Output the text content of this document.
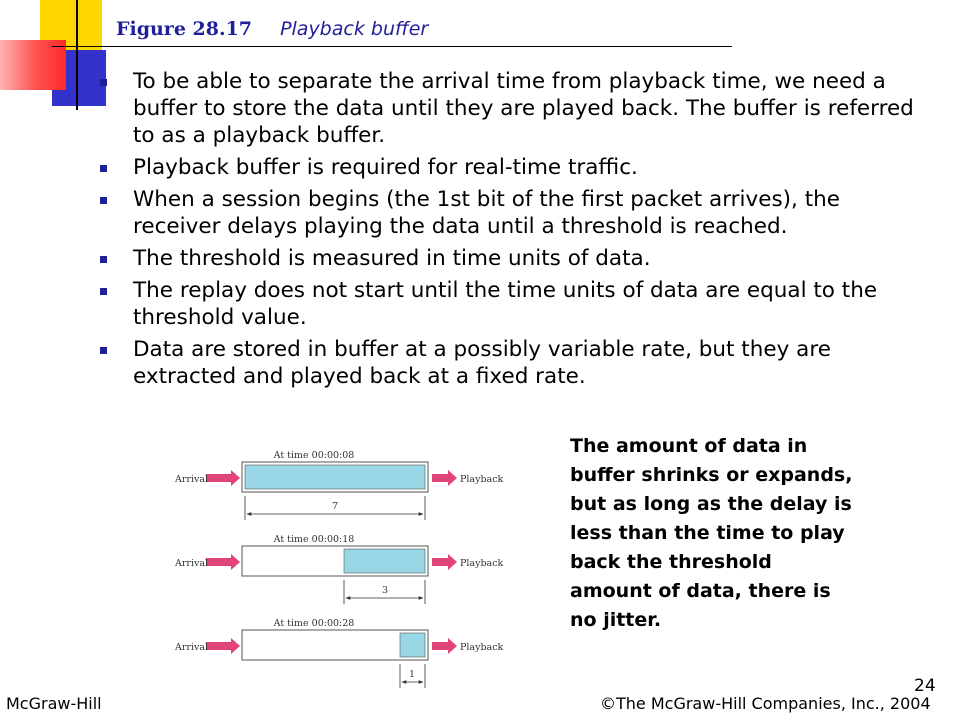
Figure 28.17 Playback buffer
To be able to separate the arrival time from playback time, we need a buffer to store the data until they are played back. The buffer is referred to as a playback buffer.
Playback buffer is required for real-time traffic.
When a session begins (the 1st bit of the first packet arrives), the receiver delays playing the data until a threshold is reached.
The threshold is measured in time units of data.
The replay does not start until the time units of data are equal to the threshold value.
Data are stored in buffer at a possibly variable rate, but they are extracted and played back at a fixed rate.
At time 00:00:08
Arrival	Playback
7
At time 00:00:18
Arrival	Playback
3
At time 00:00:28
Arrival	Playback
1
The amount of data in buffer shrinks or expands, but as long as the delay is less than the time to play back the threshold amount of data, there is no jitter.
24
McGraw-Hill	©The McGraw-Hill Companies, Inc., 2004
